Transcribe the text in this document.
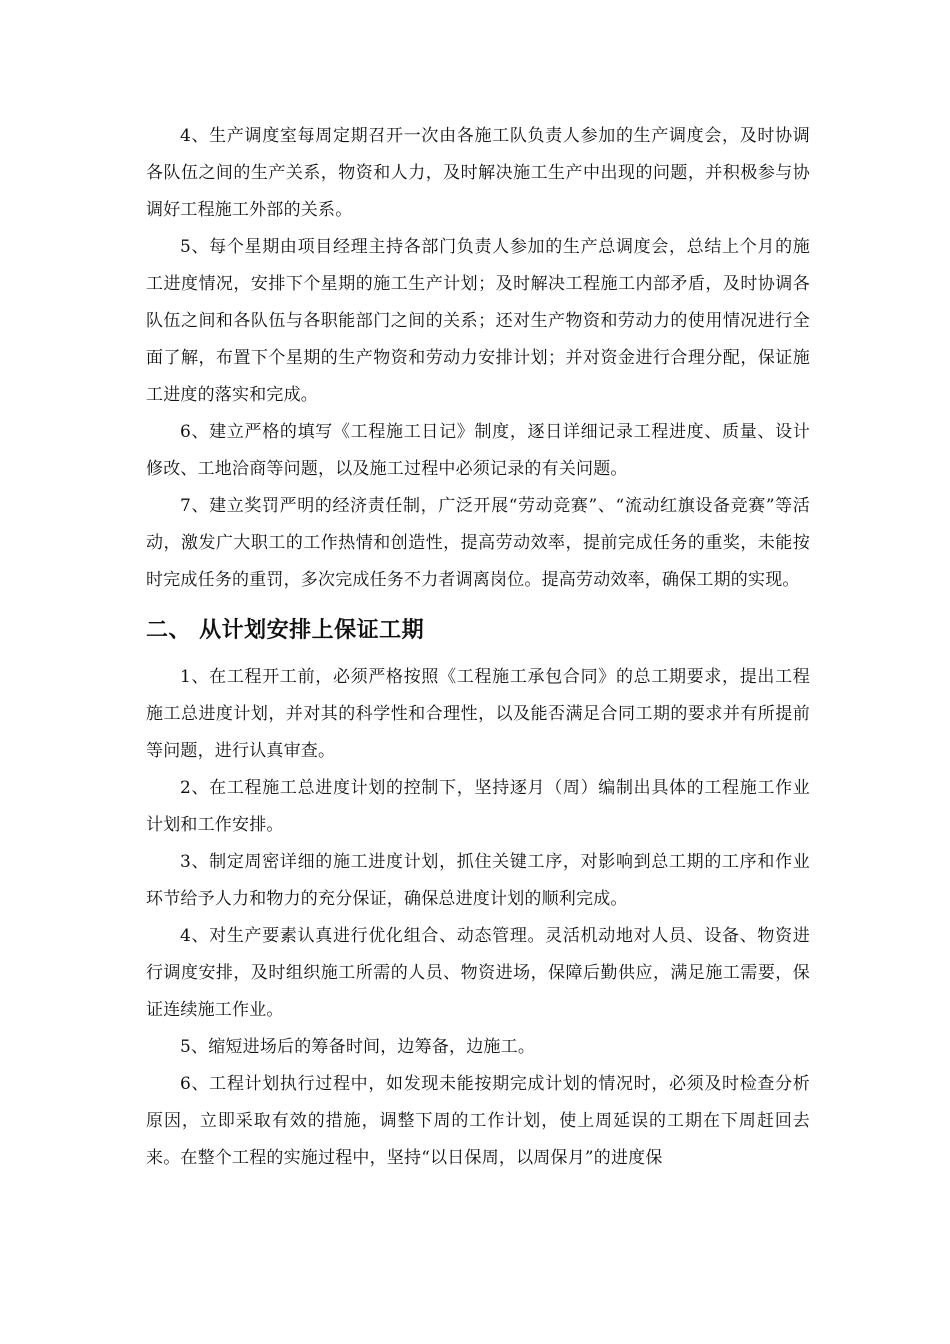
4、生产调度室每周定期召开一次由各施工队负责人参加的生产调度会，及时协调各队伍之间的生产关系，物资和人力，及时解决施工生产中出现的问题，并积极参与协调好工程施工外部的关系。

5、每个星期由项目经理主持各部门负责人参加的生产总调度会，总结上个月的施工进度情况，安排下个星期的施工生产计划；及时解决工程施工内部矛盾，及时协调各队伍之间和各队伍与各职能部门之间的关系；还对生产物资和劳动力的使用情况进行全面了解，布置下个星期的生产物资和劳动力安排计划；并对资金进行合理分配，保证施工进度的落实和完成。

6、建立严格的填写《工程施工日记》制度，逐日详细记录工程进度、质量、设计修改、工地洽商等问题，以及施工过程中必须记录的有关问题。

7、建立奖罚严明的经济责任制，广泛开展“劳动竞赛”、“流动红旗设备竞赛”等活动，激发广大职工的工作热情和创造性，提高劳动效率，提前完成任务的重奖，未能按时完成任务的重罚，多次完成任务不力者调离岗位。提高劳动效率，确保工期的实现。

二、 从计划安排上保证工期

1、在工程开工前，必须严格按照《工程施工承包合同》的总工期要求，提出工程施工总进度计划，并对其的科学性和合理性，以及能否满足合同工期的要求并有所提前等问题，进行认真审查。

2、在工程施工总进度计划的控制下，坚持逐月（周）编制出具体的工程施工作业计划和工作安排。

3、制定周密详细的施工进度计划，抓住关键工序，对影响到总工期的工序和作业环节给予人力和物力的充分保证，确保总进度计划的顺利完成。

4、对生产要素认真进行优化组合、动态管理。灵活机动地对人员、设备、物资进行调度安排，及时组织施工所需的人员、物资进场，保障后勤供应，满足施工需要，保证连续施工作业。

5、缩短进场后的筹备时间，边筹备，边施工。

6、工程计划执行过程中，如发现未能按期完成计划的情况时，必须及时检查分析原因，立即采取有效的措施，调整下周的工作计划，使上周延误的工期在下周赶回去来。在整个工程的实施过程中，坚持“以日保周，以周保月”的进度保
